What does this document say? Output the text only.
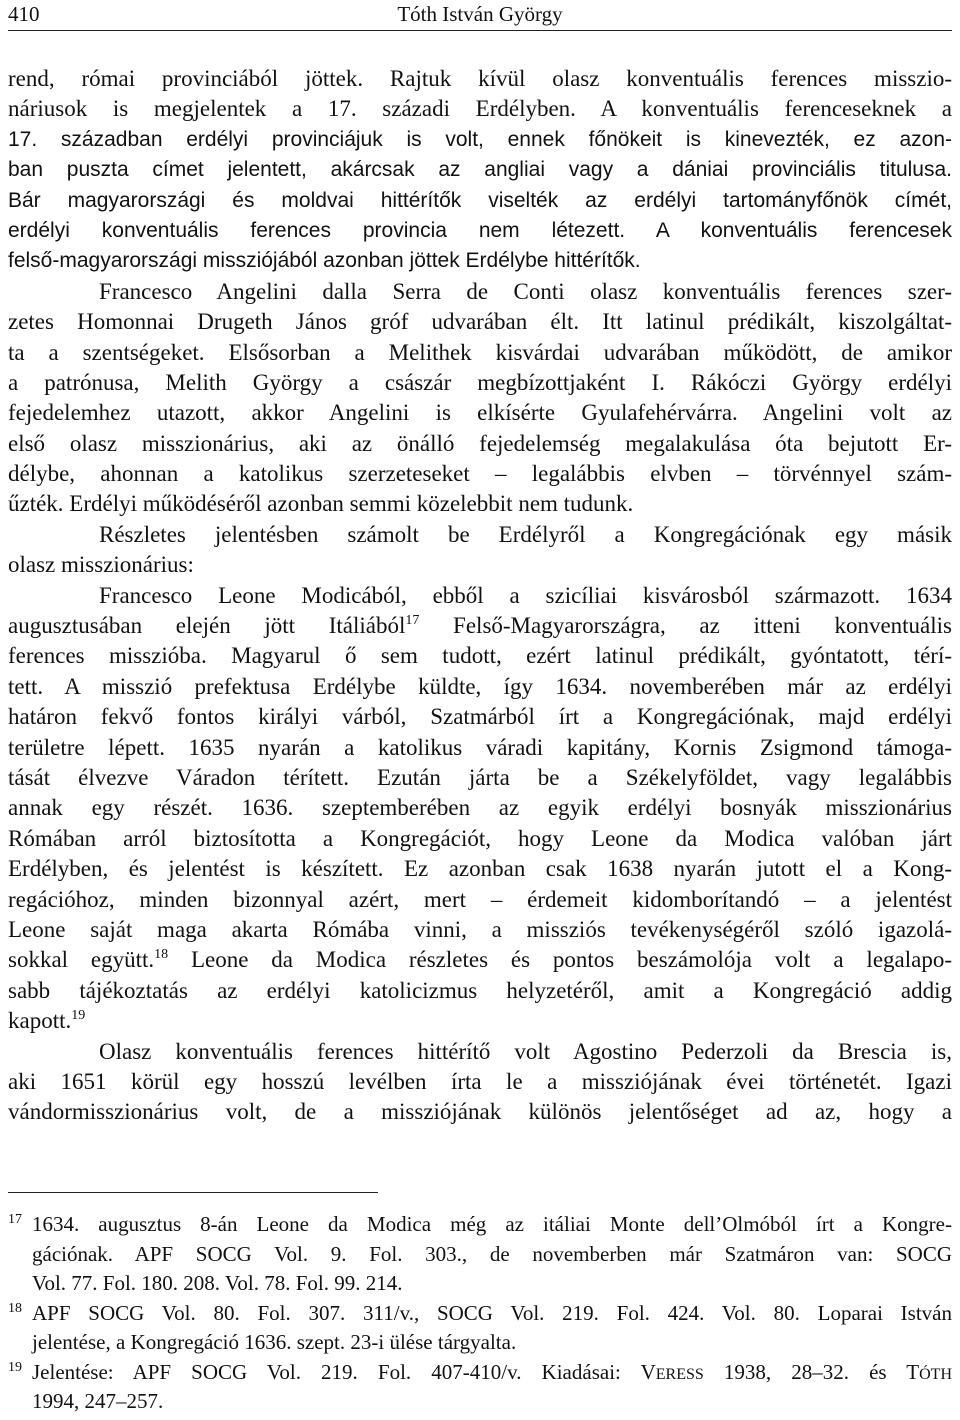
410	Tóth István György
rend, római provinciából jöttek. Rajtuk kívül olasz konventuális ferences misszio-
náriusok is megjelentek a 17. századi Erdélyben. A konventuális ferenceseknek a
17. században erdélyi provinciájuk is volt, ennek főnökeit is kinevezték, ez azon-
ban puszta címet jelentett, akárcsak az angliai vagy a dániai provinciális titulusa.
Bár magyarországi és moldvai hittérítők viselték az erdélyi tartományfőnök címét,
erdélyi konventuális ferences provincia nem létezett. A konventuális ferencesek
felső-magyarországi missziójából azonban jöttek Erdélybe hittérítők.
Francesco Angelini dalla Serra de Conti olasz konventuális ferences szer-
zetes Homonnai Drugeth János gróf udvarában élt. Itt latinul prédikált, kiszolgáltat-
ta a szentségeket. Elsősorban a Melithek kisvárdai udvarában működött, de amikor
a patrónusa, Melith György a császár megbízottjaként I. Rákóczi György erdélyi
fejedelemhez utazott, akkor Angelini is elkísérte Gyulafehérvárra. Angelini volt az
első olasz misszionárius, aki az önálló fejedelemség megalakulása óta bejutott Er-
délybe, ahonnan a katolikus szerzeteseket – legalábbis elvben – törvénnyel szám-
űzték. Erdélyi működéséről azonban semmi közelebbit nem tudunk.
Részletes jelentésben számolt be Erdélyről a Kongregációnak egy másik
olasz misszionárius:
Francesco Leone Modicából, ebből a szicíliai kisvárosból származott. 1634
augusztusában elején jött Itáliából$^{17}$ Felső-Magyarországra, az itteni konventuális
ferences misszióba. Magyarul ő sem tudott, ezért latinul prédikált, gyóntatott, térí-
tett. A misszió prefektusa Erdélybe küldte, így 1634. novemberében már az erdélyi
határon fekvő fontos királyi várból, Szatmárból írt a Kongregációnak, majd erdélyi
területre lépett. 1635 nyarán a katolikus váradi kapitány, Kornis Zsigmond támoga-
tását élvezve Váradon térített. Ezután járta be a Székelyföldet, vagy legalábbis
annak egy részét. 1636. szeptemberében az egyik erdélyi bosnyák misszionárius
Rómában arról biztosította a Kongregációt, hogy Leone da Modica valóban járt
Erdélyben, és jelentést is készített. Ez azonban csak 1638 nyarán jutott el a Kong-
regációhoz, minden bizonnyal azért, mert – érdemeit kidomborítandó – a jelentést
Leone saját maga akarta Rómába vinni, a missziós tevékenységéről szóló igazolá-
sokkal együtt.$^{18}$ Leone da Modica részletes és pontos beszámolója volt a legalapo-
sabb tájékoztatás az erdélyi katolicizmus helyzetéről, amit a Kongregáció addig
kapott.$^{19}$
Olasz konventuális ferences hittérítő volt Agostino Pederzoli da Brescia is,
aki 1651 körül egy hosszú levélben írta le a missziójának évei történetét. Igazi
vándormisszionárius volt, de a missziójának különös jelentőséget ad az, hogy a
17 1634. augusztus 8-án Leone da Modica még az itáliai Monte dell’Olmóból írt a Kongre-
gációnak. APF SOCG Vol. 9. Fol. 303., de novemberben már Szatmáron van: SOCG
Vol. 77. Fol. 180. 208. Vol. 78. Fol. 99. 214.
18 APF SOCG Vol. 80. Fol. 307. 311/v., SOCG Vol. 219. Fol. 424. Vol. 80. Loparai István
jelentése, a Kongregáció 1636. szept. 23-i ülése tárgyalta.
19 Jelentése: APF SOCG Vol. 219. Fol. 407-410/v. Kiadásai: VERESS 1938, 28–32. és TÓTH
1994, 247–257.
